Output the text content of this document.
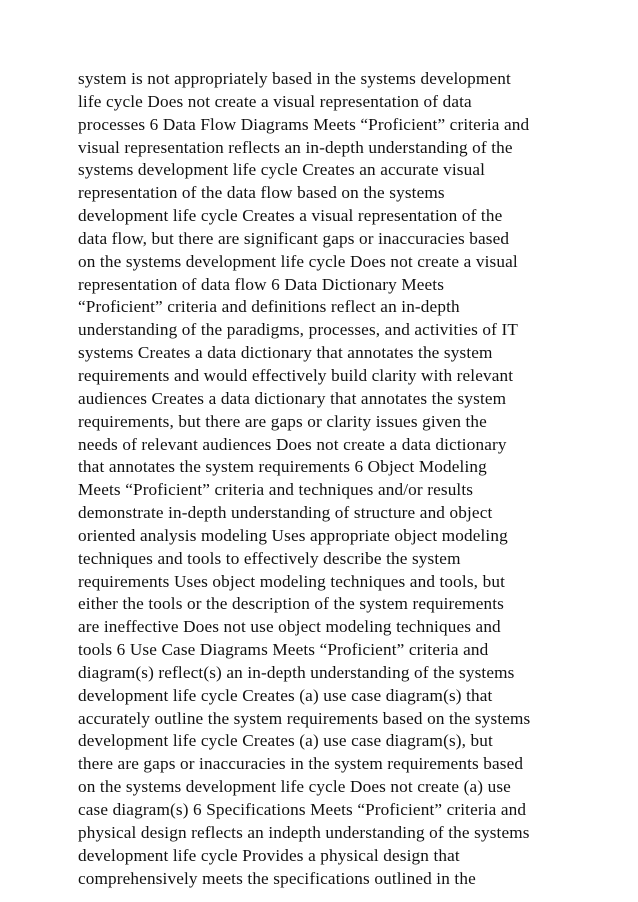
system is not appropriately based in the systems development
life cycle Does not create a visual representation of data
processes 6 Data Flow Diagrams Meets “Proficient” criteria and
visual representation reflects an in-depth understanding of the
systems development life cycle Creates an accurate visual
representation of the data flow based on the systems
development life cycle Creates a visual representation of the
data flow, but there are significant gaps or inaccuracies based
on the systems development life cycle Does not create a visual
representation of data flow 6 Data Dictionary Meets
“Proficient” criteria and definitions reflect an in-depth
understanding of the paradigms, processes, and activities of IT
systems Creates a data dictionary that annotates the system
requirements and would effectively build clarity with relevant
audiences Creates a data dictionary that annotates the system
requirements, but there are gaps or clarity issues given the
needs of relevant audiences Does not create a data dictionary
that annotates the system requirements 6 Object Modeling
Meets “Proficient” criteria and techniques and/or results
demonstrate in-depth understanding of structure and object
oriented analysis modeling Uses appropriate object modeling
techniques and tools to effectively describe the system
requirements Uses object modeling techniques and tools, but
either the tools or the description of the system requirements
are ineffective Does not use object modeling techniques and
tools 6 Use Case Diagrams Meets “Proficient” criteria and
diagram(s) reflect(s) an in-depth understanding of the systems
development life cycle Creates (a) use case diagram(s) that
accurately outline the system requirements based on the systems
development life cycle Creates (a) use case diagram(s), but
there are gaps or inaccuracies in the system requirements based
on the systems development life cycle Does not create (a) use
case diagram(s) 6 Specifications Meets “Proficient” criteria and
physical design reflects an indepth understanding of the systems
development life cycle Provides a physical design that
comprehensively meets the specifications outlined in the
